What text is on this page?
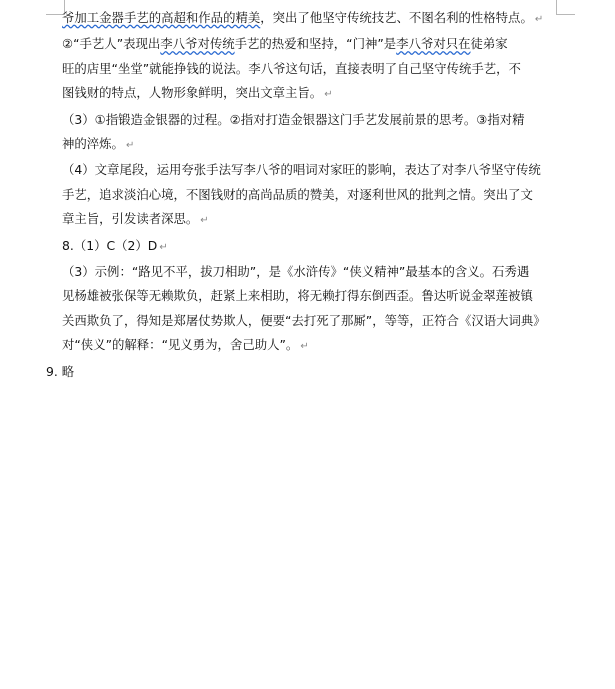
爷加工金器手艺的高超和作品的精美，突出了他坚守传统技艺、不图名利的性格特点。 ↵
②“手艺人”表现出李八爷对传统手艺的热爱和坚持，“门神”是李八爷对只在徒弟家
旺的店里“坐堂”就能挣钱的说法。李八爷这句话，直接表明了自己坚守传统手艺，不
图钱财的特点，人物形象鲜明，突出文章主旨。 ↵
（3）①指锻造金银器的过程。②指对打造金银器这门手艺发展前景的思考。③指对精
神的淬炼。 ↵
（4）文章尾段，运用夸张手法写李八爷的唱词对家旺的影响，表达了对李八爷坚守传统
手艺，追求淡泊心境，不图钱财的高尚品质的赞美，对逐利世风的批判之情。突出了文
章主旨，引发读者深思。 ↵
8.（1）C（2）D ↵
（3）示例：“路见不平，拔刀相助”，是《水浒传》“侠义精神”最基本的含义。石秀遇
见杨雄被张保等无赖欺负，赶紧上来相助，将无赖打得东倒西歪。鲁达听说金翠莲被镇
关西欺负了，得知是郑屠仗势欺人，便要“去打死了那厮”，等等，正符合《汉语大词典》
对“侠义”的解释：“见义勇为，舍己助人”。 ↵
9. 略
